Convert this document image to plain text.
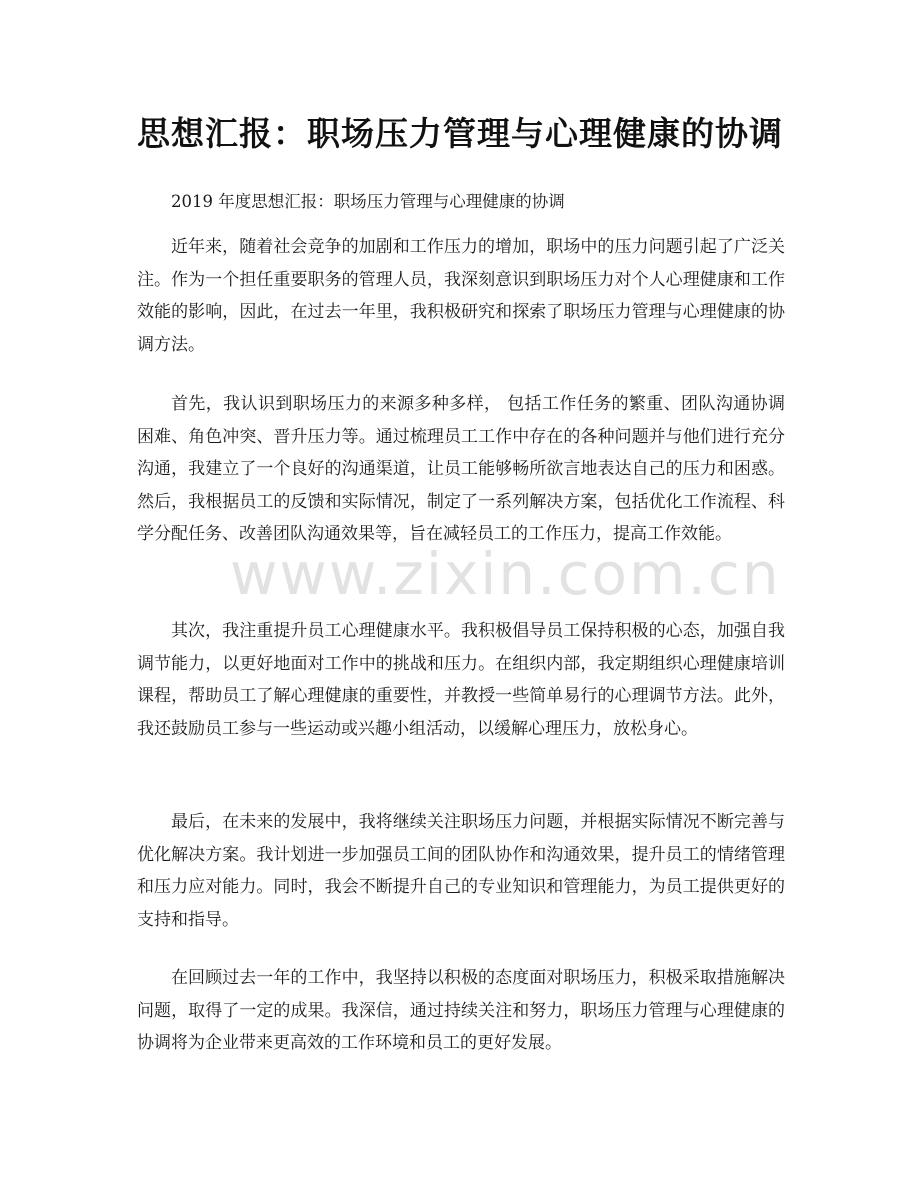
思想汇报：职场压力管理与心理健康的协调

2019 年度思想汇报：职场压力管理与心理健康的协调

近年来，随着社会竞争的加剧和工作压力的增加，职场中的压力问题引起了广泛关注。作为一个担任重要职务的管理人员，我深刻意识到职场压力对个人心理健康和工作效能的影响，因此，在过去一年里，我积极研究和探索了职场压力管理与心理健康的协调方法。

首先，我认识到职场压力的来源多种多样， 包括工作任务的繁重、团队沟通协调困难、角色冲突、晋升压力等。通过梳理员工工作中存在的各种问题并与他们进行充分沟通，我建立了一个良好的沟通渠道，让员工能够畅所欲言地表达自己的压力和困惑。然后，我根据员工的反馈和实际情况，制定了一系列解决方案，包括优化工作流程、科学分配任务、改善团队沟通效果等，旨在减轻员工的工作压力，提高工作效能。

其次，我注重提升员工心理健康水平。我积极倡导员工保持积极的心态，加强自我调节能力，以更好地面对工作中的挑战和压力。在组织内部，我定期组织心理健康培训课程，帮助员工了解心理健康的重要性，并教授一些简单易行的心理调节方法。此外，我还鼓励员工参与一些运动或兴趣小组活动，以缓解心理压力，放松身心。

最后，在未来的发展中，我将继续关注职场压力问题，并根据实际情况不断完善与优化解决方案。我计划进一步加强员工间的团队协作和沟通效果，提升员工的情绪管理和压力应对能力。同时，我会不断提升自己的专业知识和管理能力，为员工提供更好的支持和指导。

在回顾过去一年的工作中，我坚持以积极的态度面对职场压力，积极采取措施解决问题，取得了一定的成果。我深信，通过持续关注和努力，职场压力管理与心理健康的协调将为企业带来更高效的工作环境和员工的更好发展。

www.zixin.com.cn
